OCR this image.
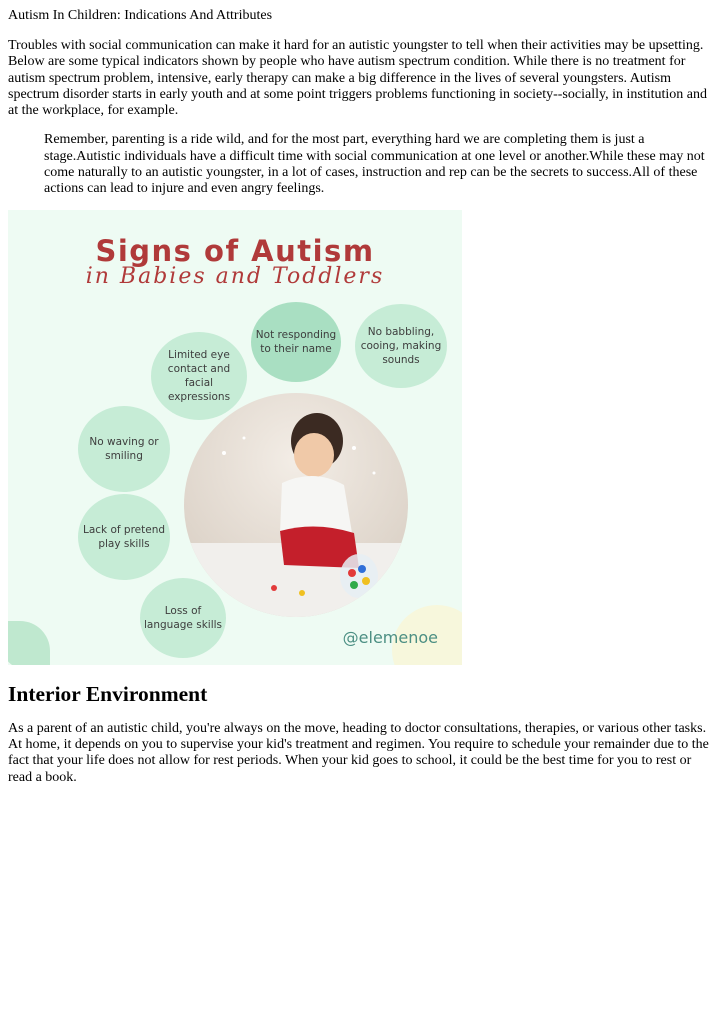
Autism In Children: Indications And Attributes

Troubles with social communication can make it hard for an autistic youngster to tell when their activities may be upsetting. Below are some typical indicators shown by people who have autism spectrum condition. While there is no treatment for autism spectrum problem, intensive, early therapy can make a big difference in the lives of several youngsters. Autism spectrum disorder starts in early youth and at some point triggers problems functioning in society--socially, in institution and at the workplace, for example.

Remember, parenting is a ride wild, and for the most part, everything hard we are completing them is just a stage.Autistic individuals have a difficult time with social communication at one level or another.While these may not come naturally to an autistic youngster, in a lot of cases, instruction and rep can be the secrets to success.All of these actions can lead to injure and even angry feelings.
Signs of Autism
in Babies and Toddlers
Not responding
to their name
No babbling,
cooing, making
sounds
Limited eye
contact and
facial
expressions
No waving or
smiling
Lack of pretend
play skills
Loss of
language skills
@elemenoe
Interior Environment

As a parent of an autistic child, you're always on the move, heading to doctor consultations, therapies, or various other tasks. At home, it depends on you to supervise your kid's treatment and regimen. You require to schedule your remainder due to the fact that your life does not allow for rest periods. When your kid goes to school, it could be the best time for you to rest or read a book.
